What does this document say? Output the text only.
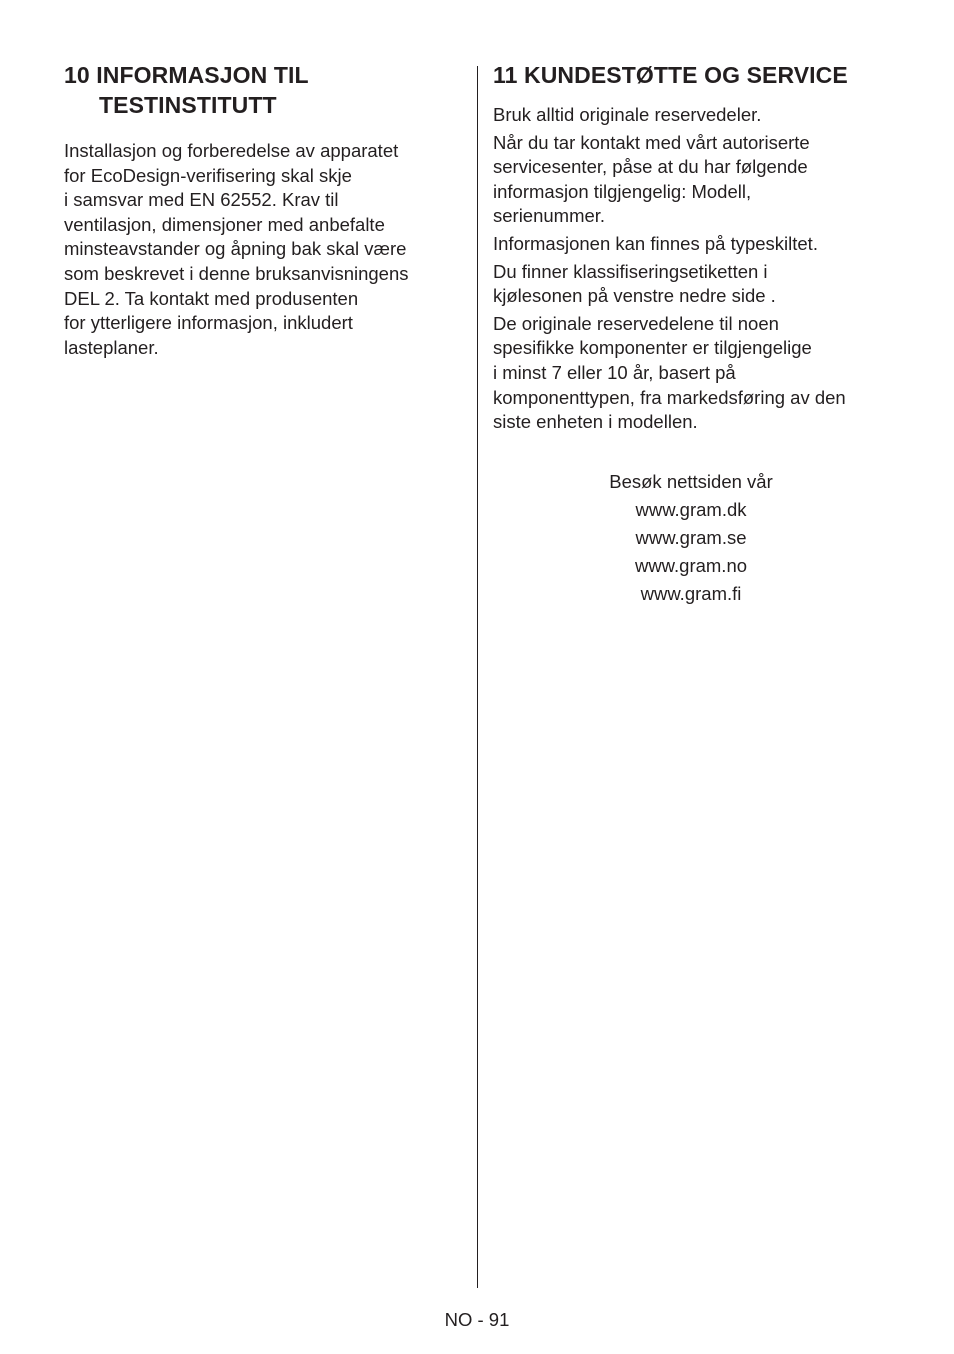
10 INFORMASJON TIL TESTINSTITUTT

Installasjon og forberedelse av apparatet
for EcoDesign-verifisering skal skje
i samsvar med EN 62552. Krav til
ventilasjon, dimensjoner med anbefalte
minsteavstander og åpning bak skal være
som beskrevet i denne bruksanvisningens
DEL 2. Ta kontakt med produsenten
for ytterligere informasjon, inkludert
lasteplaner.

11 KUNDESTØTTE OG SERVICE

Bruk alltid originale reservedeler.

Når du tar kontakt med vårt autoriserte
servicesenter, påse at du har følgende
informasjon tilgjengelig: Modell,
serienummer.

Informasjonen kan finnes på typeskiltet.

Du finner klassifiseringsetiketten i
kjølesonen på venstre nedre side .

De originale reservedelene til noen
spesifikke komponenter er tilgjengelige
i minst 7 eller 10 år, basert på
komponenttypen, fra markedsføring av den
siste enheten i modellen.

Besøk nettsiden vår
www.gram.dk
www.gram.se
www.gram.no
www.gram.fi
NO - 91
